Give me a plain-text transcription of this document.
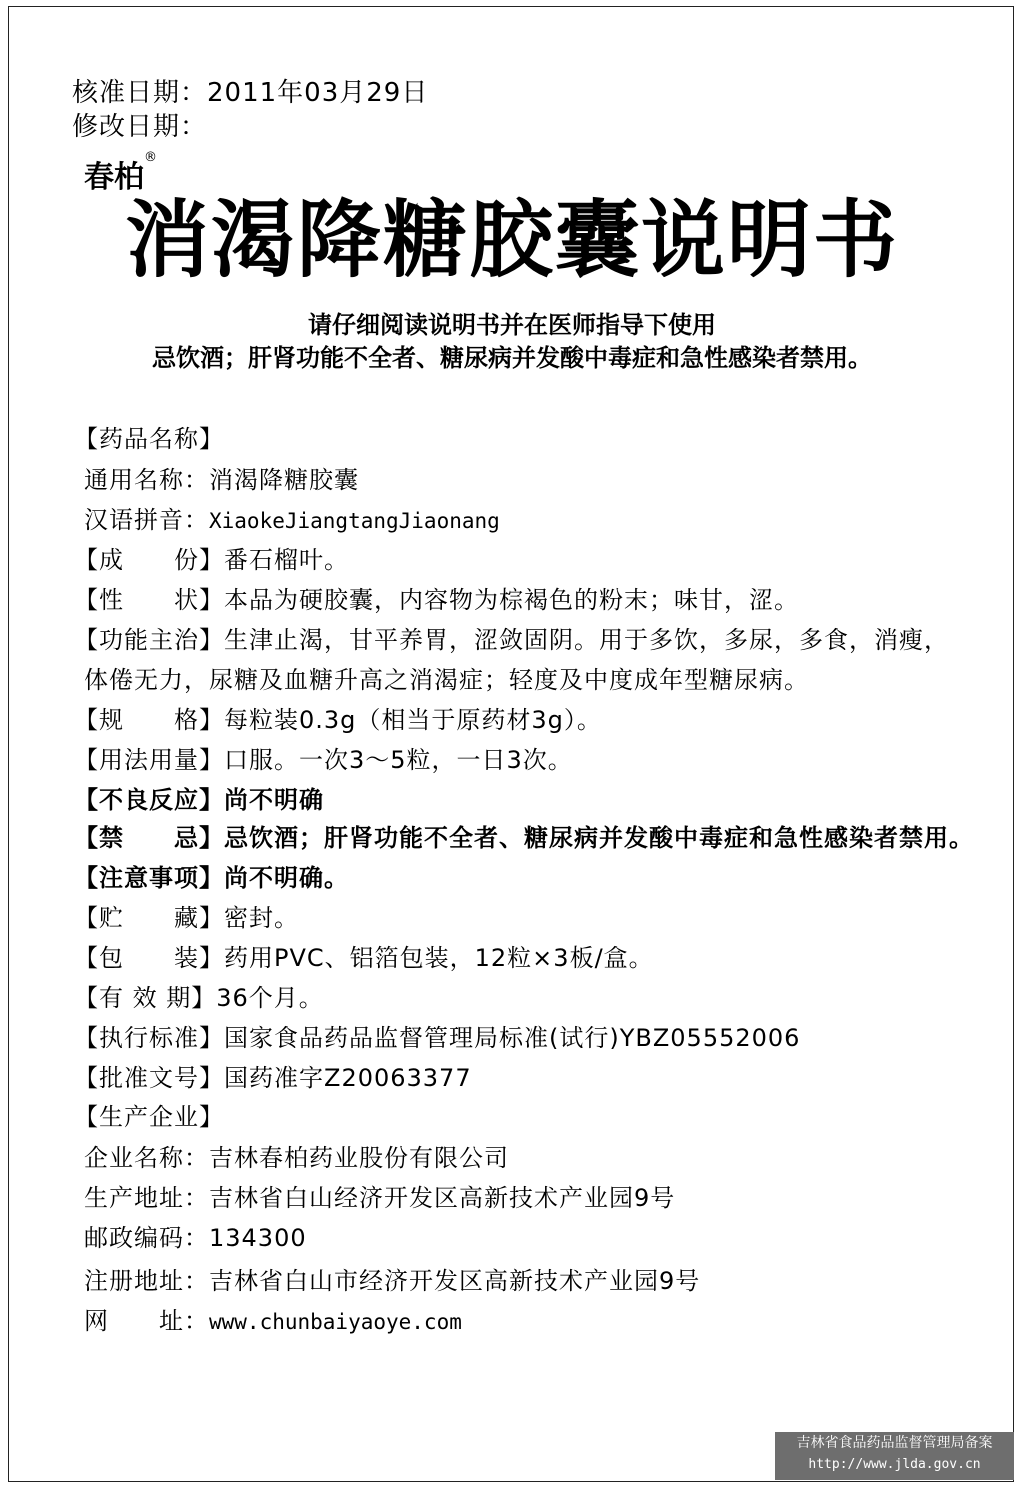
核准日期：2011年03月29日
修改日期：
春柏®
消渴降糖胶囊说明书
请仔细阅读说明书并在医师指导下使用
忌饮酒；肝肾功能不全者、糖尿病并发酸中毒症和急性感染者禁用。
【药品名称】
通用名称：消渴降糖胶囊
汉语拼音：XiaokeJiangtangJiaonang
【成　　份】番石榴叶。
【性　　状】本品为硬胶囊，内容物为棕褐色的粉末；味甘，涩。
【功能主治】生津止渴，甘平养胃，涩敛固阴。用于多饮，多尿，多食，消瘦，
体倦无力，尿糖及血糖升高之消渴症；轻度及中度成年型糖尿病。
【规　　格】每粒装0.3g（相当于原药材3g）。
【用法用量】口服。一次3～5粒，一日3次。
【不良反应】尚不明确
【禁　　忌】忌饮酒；肝肾功能不全者、糖尿病并发酸中毒症和急性感染者禁用。
【注意事项】尚不明确。
【贮　　藏】密封。
【包　　装】药用PVC、铝箔包装，12粒×3板/盒。
【有 效 期】36个月。
【执行标准】国家食品药品监督管理局标准(试行)YBZ05552006
【批准文号】国药准字Z20063377
【生产企业】
企业名称：吉林春柏药业股份有限公司
生产地址：吉林省白山经济开发区高新技术产业园9号
邮政编码：134300
注册地址：吉林省白山市经济开发区高新技术产业园9号
网　　址：www.chunbaiyaoye.com
吉林省食品药品监督管理局备案
http://www.jlda.gov.cn
